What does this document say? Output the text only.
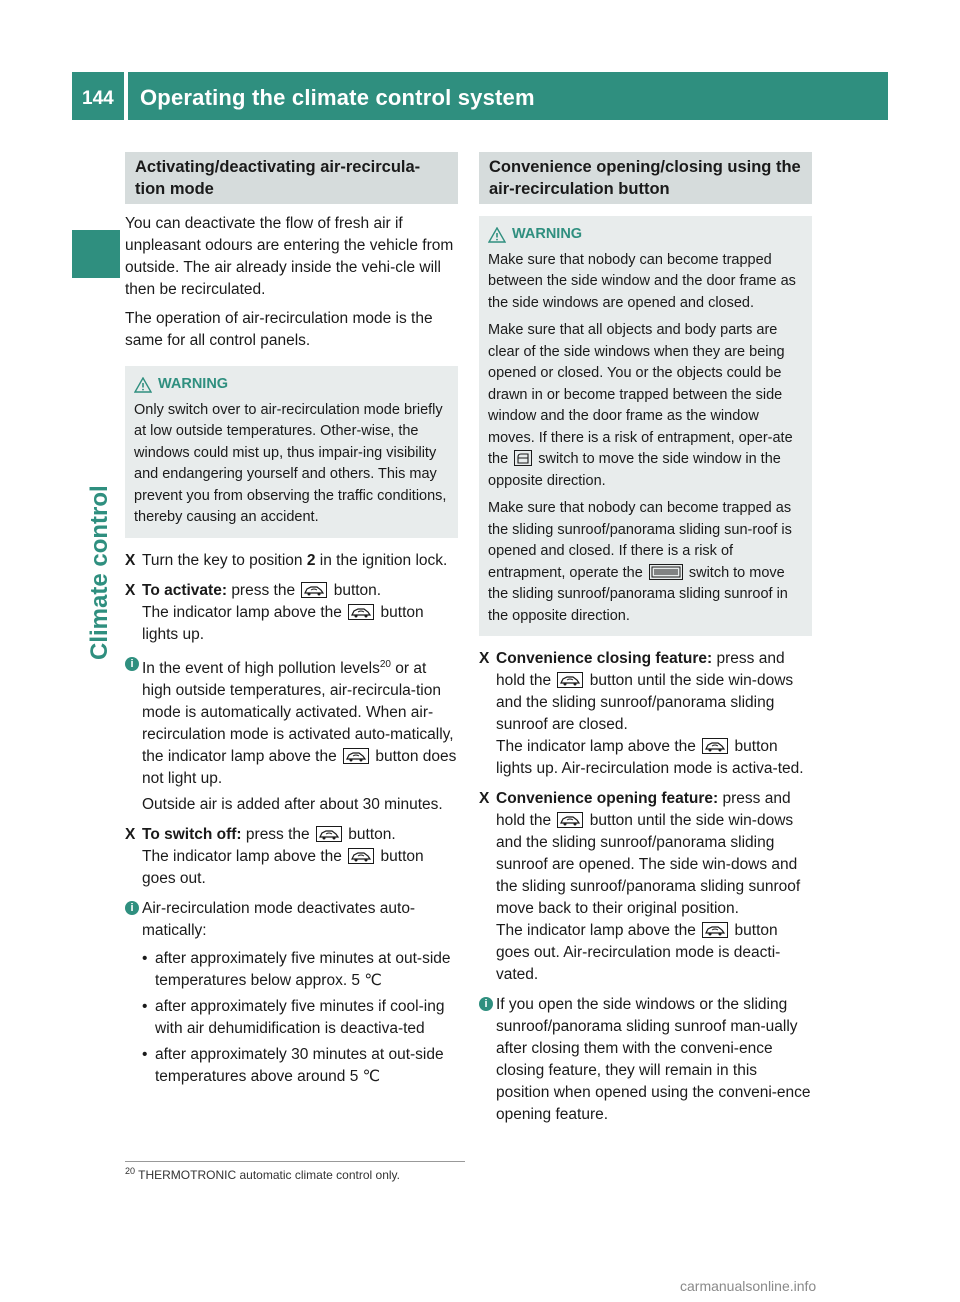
144 Operating the climate control system
Climate control
Activating/deactivating air-recircula-tion mode

You can deactivate the flow of fresh air if unpleasant odours are entering the vehicle from outside. The air already inside the vehi-cle will then be recirculated.

The operation of air-recirculation mode is the same for all control panels.

WARNING
Only switch over to air-recirculation mode briefly at low outside temperatures. Other-wise, the windows could mist up, thus impair-ing visibility and endangering yourself and others. This may prevent you from observing the traffic conditions, thereby causing an accident.
X Turn the key to position 2 in the ignition lock.
X To activate: press the button.
The indicator lamp above the button lights up.
i In the event of high pollution levels$^{20}$ or at high outside temperatures, air-recircula-tion mode is automatically activated. When air-recirculation mode is activated auto-matically, the indicator lamp above the button does not light up.
Outside air is added after about 30 minutes.
X To switch off: press the button.
The indicator lamp above the button goes out.
i Air-recirculation mode deactivates auto-matically:
• after approximately five minutes at out-side temperatures below approx. 5 ℃
• after approximately five minutes if cool-ing with air dehumidification is deactiva-ted
• after approximately 30 minutes at out-side temperatures above around 5 ℃
Convenience opening/closing using the air-recirculation button
WARNING
Make sure that nobody can become trapped between the side window and the door frame as the side windows are opened and closed.
Make sure that all objects and body parts are clear of the side windows when they are being opened or closed. You or the objects could be drawn in or become trapped between the side window and the door frame as the window moves. If there is a risk of entrapment, oper-ate the switch to move the side window in the opposite direction.
Make sure that nobody can become trapped as the sliding sunroof/panorama sliding sun-roof is opened and closed. If there is a risk of entrapment, operate the	switch to move the sliding sunroof/panorama sliding sunroof in the opposite direction.
X Convenience closing feature: press and hold the button until the side win-dows and the sliding sunroof/panorama sliding sunroof are closed.
The indicator lamp above the button lights up. Air-recirculation mode is activa-ted.
X Convenience opening feature: press and hold the button until the side win-dows and the sliding sunroof/panorama sliding sunroof are opened. The side win-dows and the sliding sunroof/panorama sliding sunroof move back to their original position.
The indicator lamp above the button goes out. Air-recirculation mode is deacti-vated.
i If you open the side windows or the sliding sunroof/panorama sliding sunroof man-ually after closing them with the conveni-ence closing feature, they will remain in this position when opened using the conveni-ence opening feature.
$^{20}$ THERMOTRONIC automatic climate control only.
carmanualsonline.info
